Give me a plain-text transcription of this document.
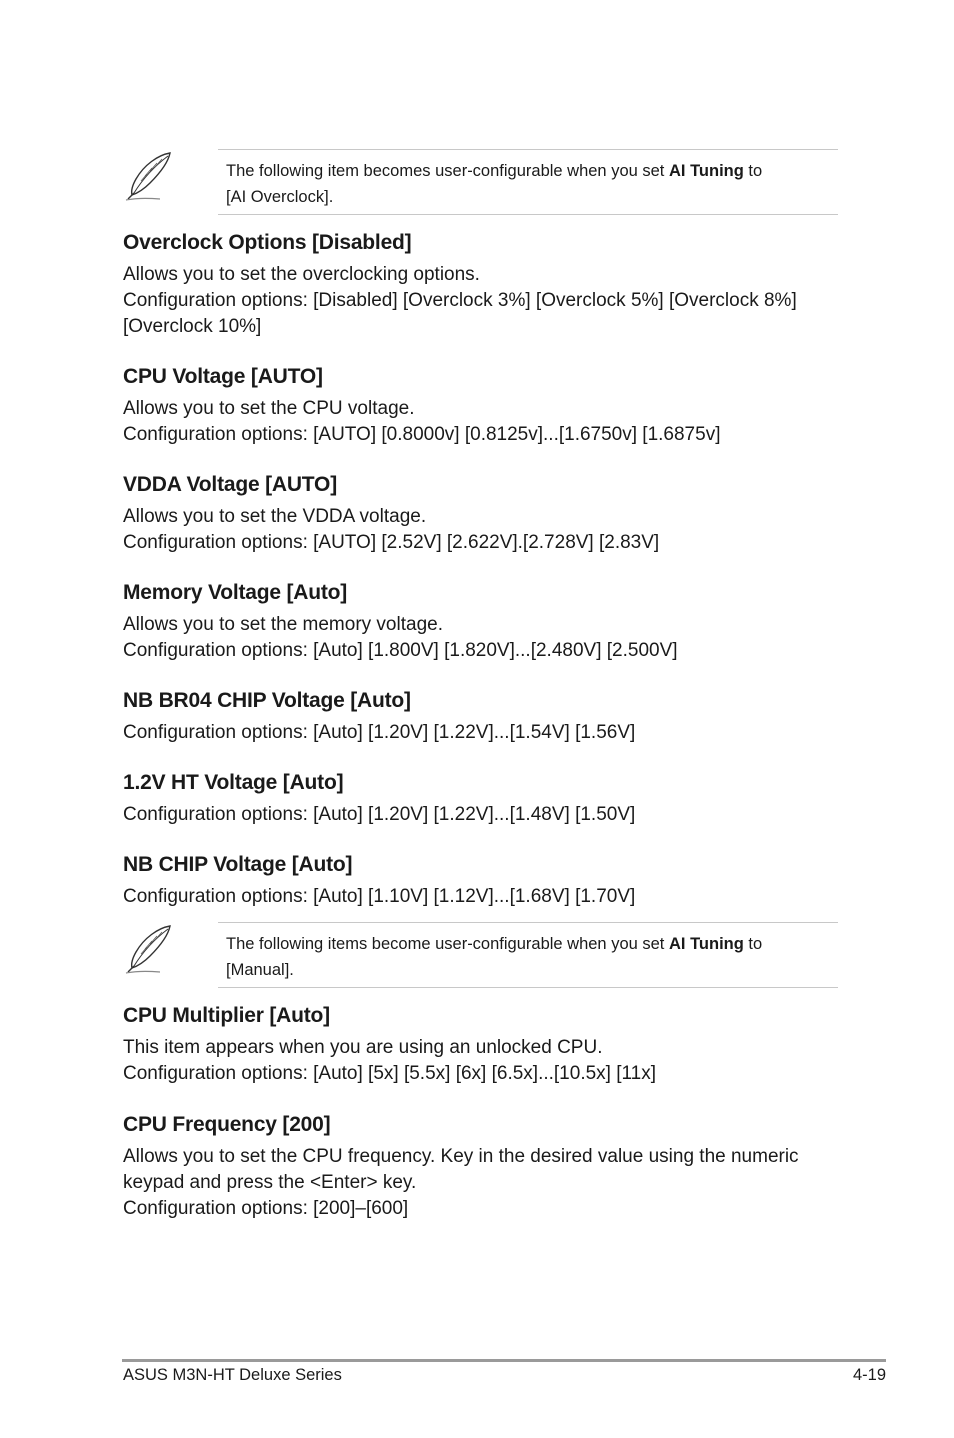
The following item becomes user-configurable when you set AI Tuning to
[AI Overclock].
Overclock Options [Disabled]

Allows you to set the overclocking options.
Configuration options: [Disabled] [Overclock 3%] [Overclock 5%] [Overclock 8%]
[Overclock 10%]

CPU Voltage [AUTO]

Allows you to set the CPU voltage.
Configuration options: [AUTO] [0.8000v] [0.8125v]...[1.6750v] [1.6875v]

VDDA Voltage [AUTO]

Allows you to set the VDDA voltage.
Configuration options: [AUTO] [2.52V] [2.622V].[2.728V] [2.83V]

Memory Voltage [Auto]

Allows you to set the memory voltage.
Configuration options: [Auto] [1.800V] [1.820V]...[2.480V] [2.500V]

NB BR04 CHIP Voltage [Auto]

Configuration options: [Auto] [1.20V] [1.22V]...[1.54V] [1.56V]

1.2V HT Voltage [Auto]

Configuration options: [Auto] [1.20V] [1.22V]...[1.48V] [1.50V]

NB CHIP Voltage [Auto]

Configuration options: [Auto] [1.10V] [1.12V]...[1.68V] [1.70V]

The following items become user-configurable when you set AI Tuning to
[Manual].
CPU Multiplier [Auto]

This item appears when you are using an unlocked CPU.
Configuration options: [Auto] [5x] [5.5x] [6x] [6.5x]...[10.5x] [11x]

CPU Frequency [200]

Allows you to set the CPU frequency. Key in the desired value using the numeric
keypad and press the <Enter> key.
Configuration options: [200]–[600]

ASUS M3N-HT Deluxe Series	4-19
